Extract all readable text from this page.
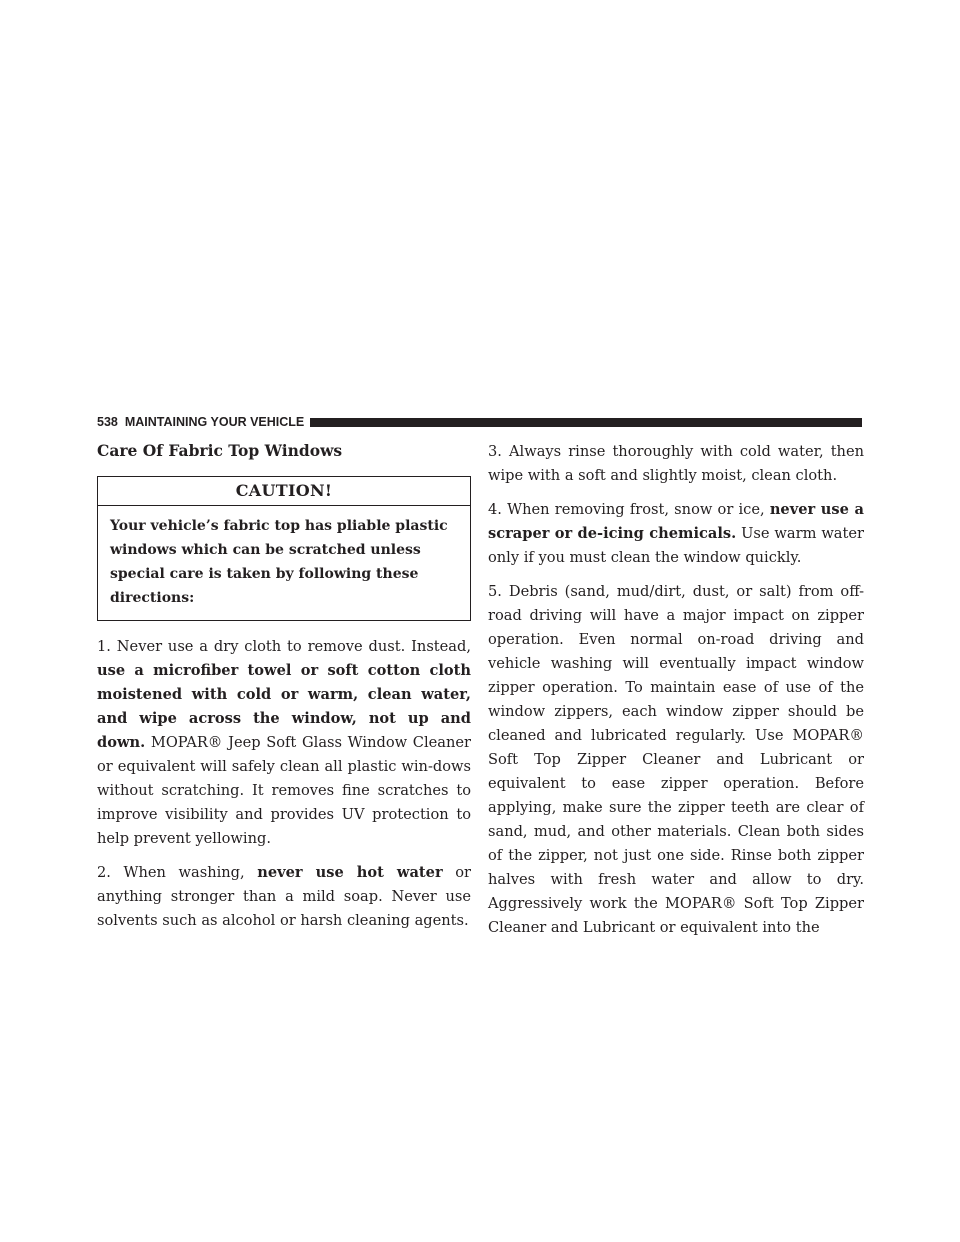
538 MAINTAINING YOUR VEHICLE
Care Of Fabric Top Windows
CAUTION!
Your vehicle’s fabric top has pliable plastic windows which can be scratched unless special care is taken by following these directions:

1. Never use a dry cloth to remove dust. Instead, use a microfiber towel or soft cotton cloth moistened with cold or warm, clean water, and wipe across the window, not up and down. MOPAR® Jeep Soft Glass Window Cleaner or equivalent will safely clean all plastic win-dows without scratching. It removes fine scratches to improve visibility and provides UV protection to help prevent yellowing.

2. When washing, never use hot water or anything stronger than a mild soap. Never use solvents such as alcohol or harsh cleaning agents.

3. Always rinse thoroughly with cold water, then wipe with a soft and slightly moist, clean cloth.

4. When removing frost, snow or ice, never use a scraper or de-icing chemicals. Use warm water only if you must clean the window quickly.

5. Debris (sand, mud/dirt, dust, or salt) from off-road driving will have a major impact on zipper operation. Even normal on-road driving and vehicle washing will eventually impact window zipper operation. To maintain ease of use of the window zippers, each window zipper should be cleaned and lubricated regularly. Use MOPAR® Soft Top Zipper Cleaner and Lubricant or equivalent to ease zipper operation. Before applying, make sure the zipper teeth are clear of sand, mud, and other materials. Clean both sides of the zipper, not just one side. Rinse both zipper halves with fresh water and allow to dry. Aggressively work the MOPAR® Soft Top Zipper Cleaner and Lubricant or equivalent into the
